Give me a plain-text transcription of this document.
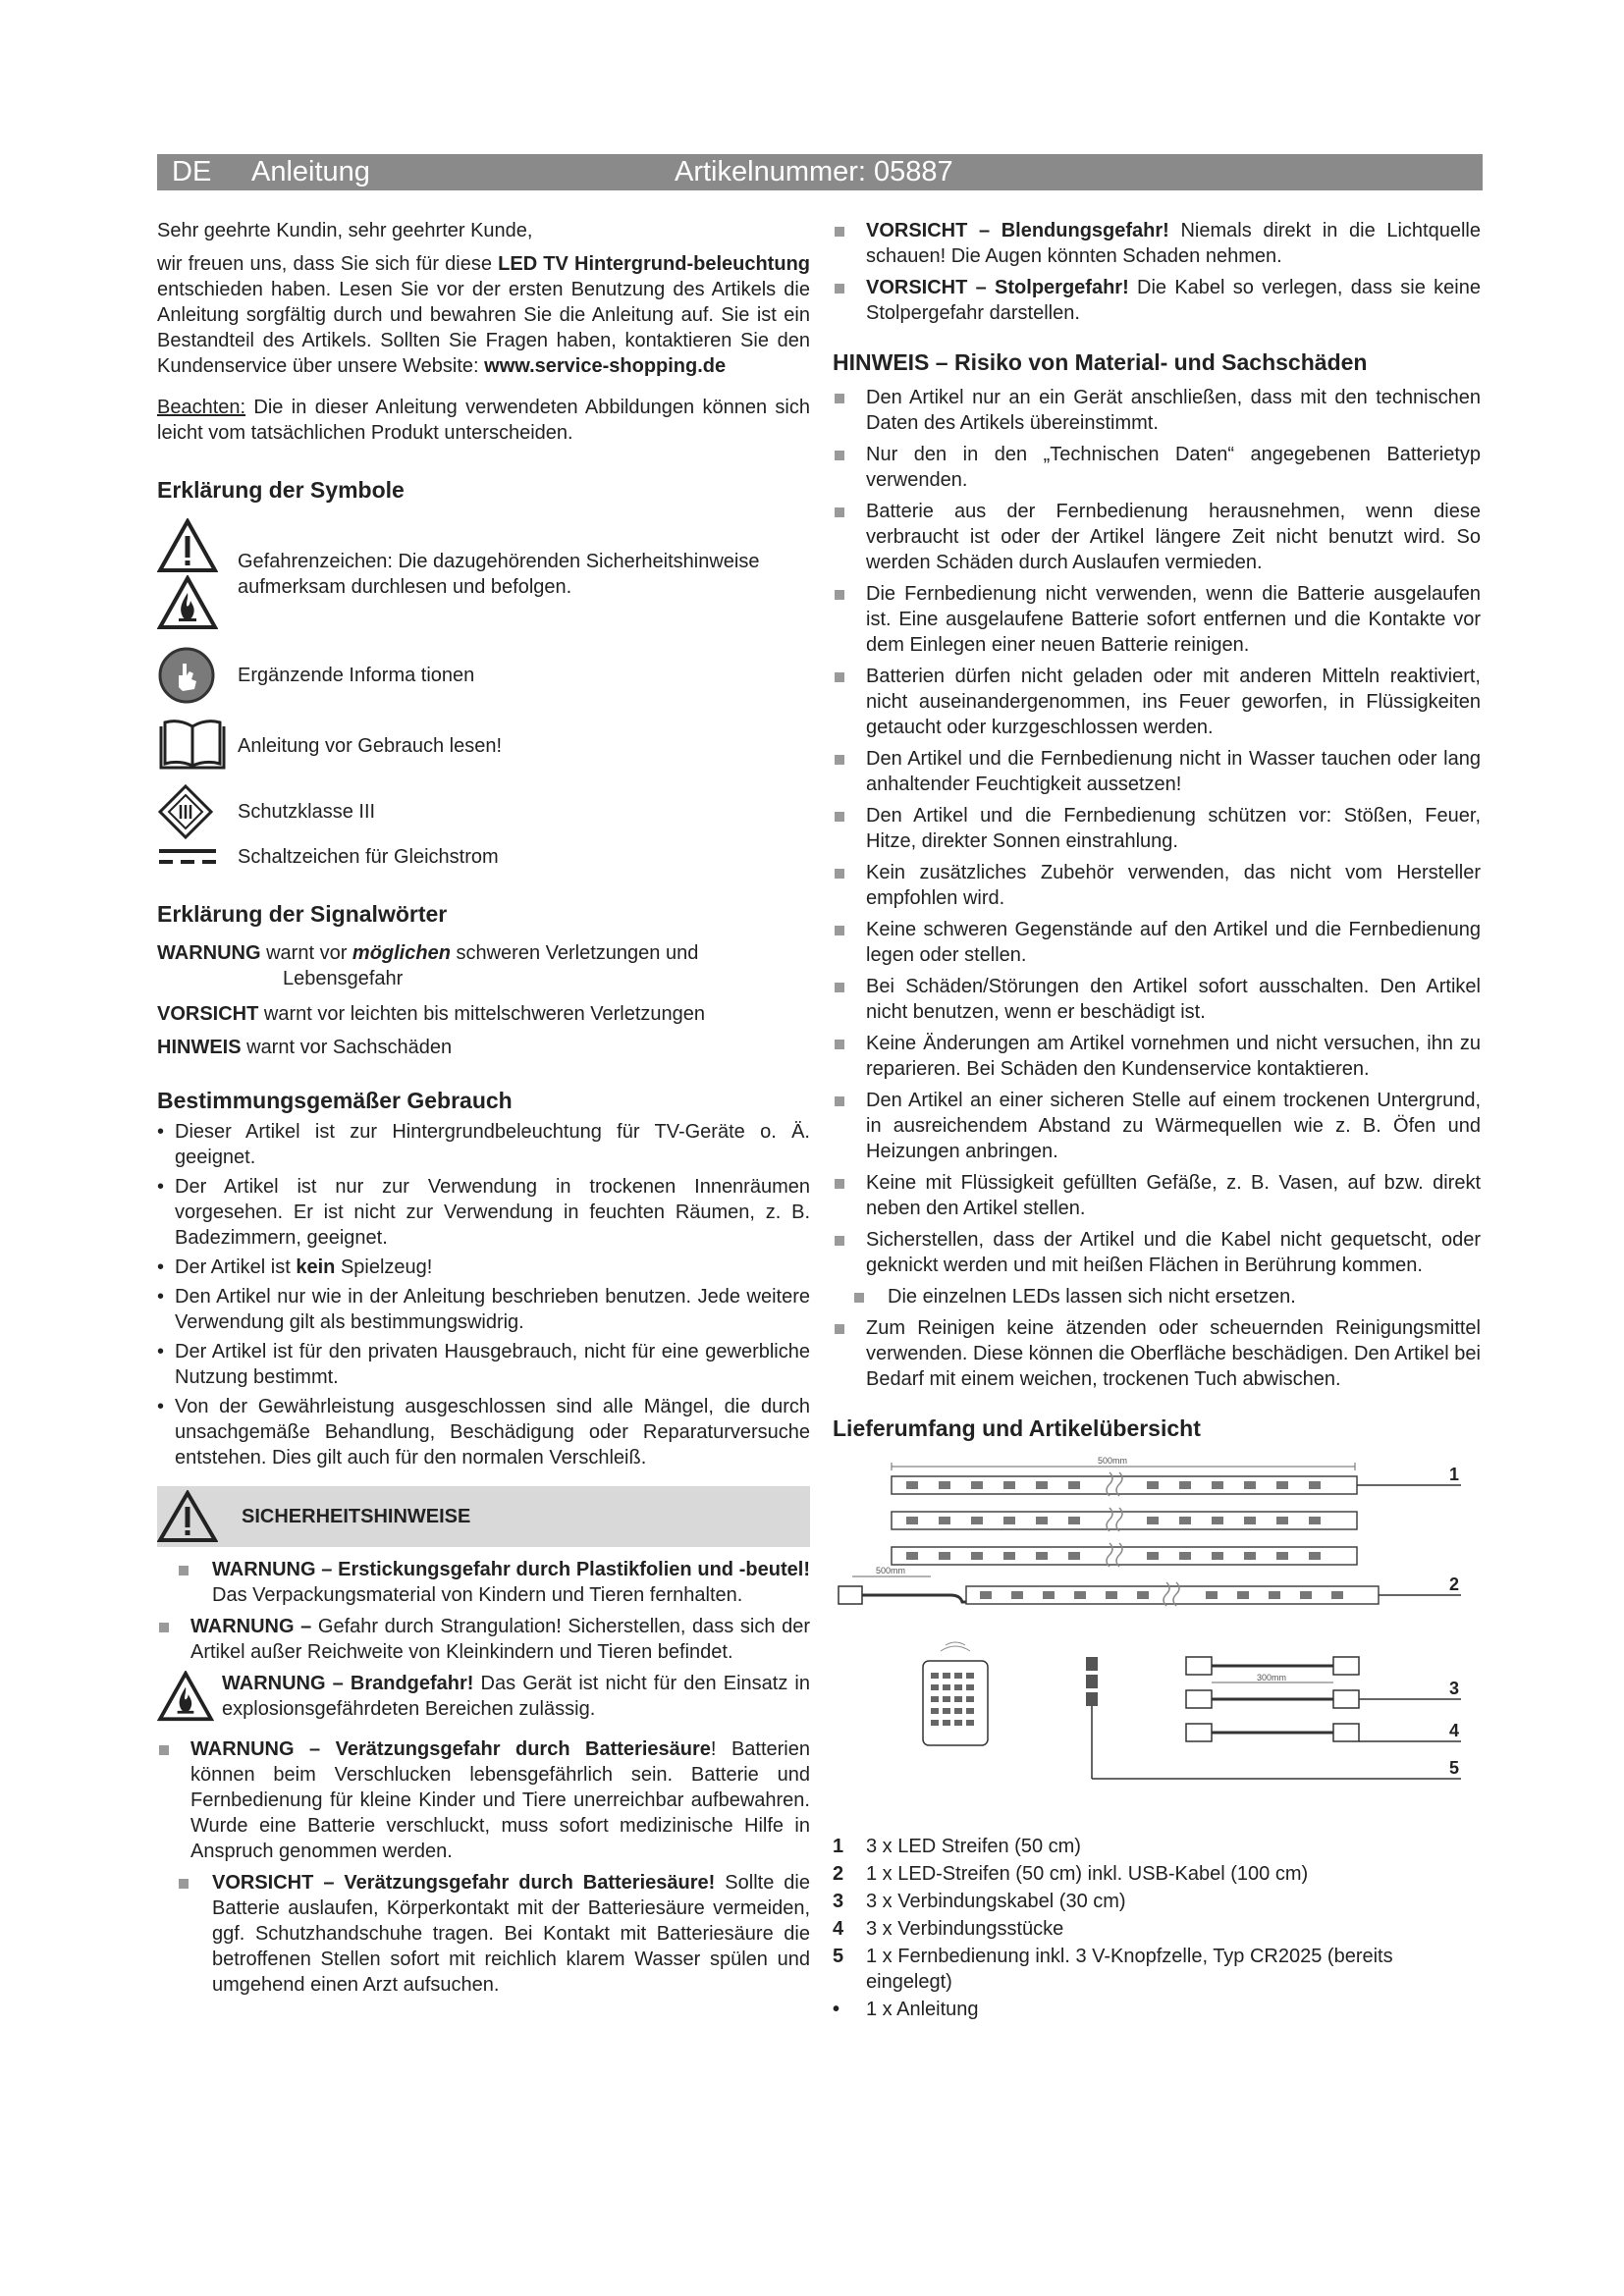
DE Anleitung	Artikelnummer: 05887

Sehr geehrte Kundin, sehr geehrter Kunde,

wir freuen uns, dass Sie sich für diese LED TV Hintergrund-beleuchtung entschieden haben. Lesen Sie vor der ersten Benutzung des Artikels die Anleitung sorgfältig durch und bewahren Sie die Anleitung auf. Sie ist ein Bestandteil des Artikels. Sollten Sie Fragen haben, kontaktieren Sie den Kundenservice über unsere Website: www.service-shopping.de

Beachten: Die in dieser Anleitung verwendeten Abbildungen können sich leicht vom tatsächlichen Produkt unterscheiden.

Erklärung der Symbole
Gefahrenzeichen: Die dazugehörenden Sicherheitshinweise aufmerksam durchlesen und befolgen.
Ergänzende Informa tionen
Anleitung vor Gebrauch lesen!
Schutzklasse III
Schaltzeichen für Gleichstrom
Erklärung der Signalwörter
WARNUNG warnt vor möglichen schweren Verletzungen und
Lebensgefahr
VORSICHT warnt vor leichten bis mittelschweren Verletzungen
HINWEIS warnt vor Sachschäden
Bestimmungsgemäßer Gebrauch
• Dieser Artikel ist zur Hintergrundbeleuchtung für TV-Geräte o. Ä. geeignet.
• Der Artikel ist nur zur Verwendung in trockenen Innenräumen vorgesehen. Er ist nicht zur Verwendung in feuchten Räumen, z. B. Badezimmern, geeignet.
• Der Artikel ist kein Spielzeug!
• Den Artikel nur wie in der Anleitung beschrieben benutzen. Jede weitere Verwendung gilt als bestimmungswidrig.
• Der Artikel ist für den privaten Hausgebrauch, nicht für eine gewerbliche Nutzung bestimmt.
• Von der Gewährleistung ausgeschlossen sind alle Mängel, die durch unsachgemäße Behandlung, Beschädigung oder Reparaturversuche entstehen. Dies gilt auch für den normalen Verschleiß.
SICHERHEITSHINWEISE
WARNUNG – Erstickungsgefahr durch Plastikfolien und -beutel! Das Verpackungsmaterial von Kindern und Tieren fernhalten.
WARNUNG – Gefahr durch Strangulation! Sicherstellen, dass sich der Artikel außer Reichweite von Kleinkindern und Tieren befindet.
WARNUNG – Brandgefahr! Das Gerät ist nicht für den Einsatz in explosionsgefährdeten Bereichen zulässig.
WARNUNG – Verätzungsgefahr durch Batteriesäure! Batterien können beim Verschlucken lebensgefährlich sein. Batterie und Fernbedienung für kleine Kinder und Tiere unerreichbar aufbewahren. Wurde eine Batterie verschluckt, muss sofort medizinische Hilfe in Anspruch genommen werden.
VORSICHT – Verätzungsgefahr durch Batteriesäure! Sollte die Batterie auslaufen, Körperkontakt mit der Batteriesäure vermeiden, ggf. Schutzhandschuhe tragen. Bei Kontakt mit Batteriesäure die betroffenen Stellen sofort mit reichlich klarem Wasser spülen und umgehend einen Arzt aufsuchen.
VORSICHT – Blendungsgefahr! Niemals direkt in die Lichtquelle schauen! Die Augen könnten Schaden nehmen.
VORSICHT – Stolpergefahr! Die Kabel so verlegen, dass sie keine Stolpergefahr darstellen.
HINWEIS – Risiko von Material- und Sachschäden
Den Artikel nur an ein Gerät anschließen, dass mit den technischen Daten des Artikels übereinstimmt.
Nur den in den „Technischen Daten“ angegebenen Batterietyp verwenden.
Batterie aus der Fernbedienung herausnehmen, wenn diese verbraucht ist oder der Artikel längere Zeit nicht benutzt wird. So werden Schäden durch Auslaufen vermieden.
Die Fernbedienung nicht verwenden, wenn die Batterie ausgelaufen ist. Eine ausgelaufene Batterie sofort entfernen und die Kontakte vor dem Einlegen einer neuen Batterie reinigen.
Batterien dürfen nicht geladen oder mit anderen Mitteln reaktiviert, nicht auseinandergenommen, ins Feuer geworfen, in Flüssigkeiten getaucht oder kurzgeschlossen werden.
Den Artikel und die Fernbedienung nicht in Wasser tauchen oder lang anhaltender Feuchtigkeit aussetzen!
Den Artikel und die Fernbedienung schützen vor: Stößen, Feuer, Hitze, direkter Sonnen einstrahlung.
Kein zusätzliches Zubehör verwenden, das nicht vom Hersteller empfohlen wird.
Keine schweren Gegenstände auf den Artikel und die Fernbedienung legen oder stellen.
Bei Schäden/Störungen den Artikel sofort ausschalten. Den Artikel nicht benutzen, wenn er beschädigt ist.
Keine Änderungen am Artikel vornehmen und nicht versuchen, ihn zu reparieren. Bei Schäden den Kundenservice kontaktieren.
Den Artikel an einer sicheren Stelle auf einem trockenen Untergrund, in ausreichendem Abstand zu Wärmequellen wie z. B. Öfen und Heizungen anbringen.
Keine mit Flüssigkeit gefüllten Gefäße, z. B. Vasen, auf bzw. direkt neben den Artikel stellen.
Sicherstellen, dass der Artikel und die Kabel nicht gequetscht, oder geknickt werden und mit heißen Flächen in Berührung kommen.
Die einzelnen LEDs lassen sich nicht ersetzen.
Zum Reinigen keine ätzenden oder scheuernden Reinigungsmittel verwenden. Diese können die Oberfläche beschädigen. Den Artikel bei Bedarf mit einem weichen, trockenen Tuch abwischen.
Lieferumfang und Artikelübersicht
500mm
500mm
300mm
1
2
3
4
5
1	3 x LED Streifen (50 cm)
2	1 x LED-Streifen (50 cm) inkl. USB-Kabel (100 cm)
3	3 x Verbindungskabel (30 cm)
4	3 x Verbindungsstücke
5	1 x Fernbedienung inkl. 3 V-Knopfzelle, Typ CR2025 (bereits eingelegt)
•	1 x Anleitung
